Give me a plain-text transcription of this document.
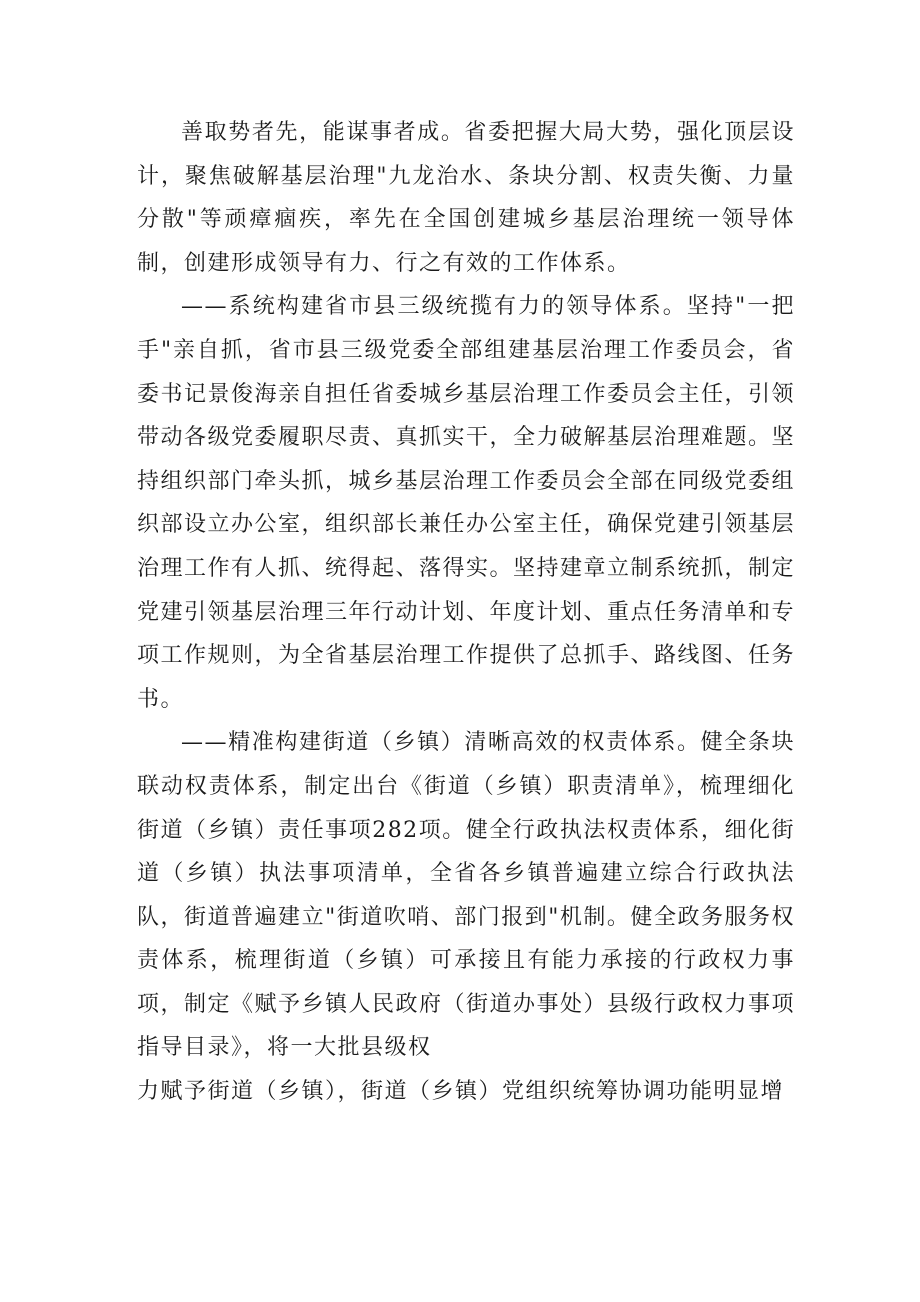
善取势者先，能谋事者成。省委把握大局大势，强化顶层设计，聚焦破解基层治理"九龙治水、条块分割、权责失衡、力量分散"等顽瘴痼疾，率先在全国创建城乡基层治理统一领导体制，创建形成领导有力、行之有效的工作体系。

——系统构建省市县三级统揽有力的领导体系。坚持"一把手"亲自抓，省市县三级党委全部组建基层治理工作委员会，省委书记景俊海亲自担任省委城乡基层治理工作委员会主任，引领带动各级党委履职尽责、真抓实干，全力破解基层治理难题。坚持组织部门牵头抓，城乡基层治理工作委员会全部在同级党委组织部设立办公室，组织部长兼任办公室主任，确保党建引领基层治理工作有人抓、统得起、落得实。坚持建章立制系统抓，制定党建引领基层治理三年行动计划、年度计划、重点任务清单和专项工作规则，为全省基层治理工作提供了总抓手、路线图、任务书。

——精准构建街道（乡镇）清晰高效的权责体系。健全条块联动权责体系，制定出台《街道（乡镇）职责清单》，梳理细化街道（乡镇）责任事项282项。健全行政执法权责体系，细化街道（乡镇）执法事项清单，全省各乡镇普遍建立综合行政执法队，街道普遍建立"街道吹哨、部门报到"机制。健全政务服务权责体系，梳理街道（乡镇）可承接且有能力承接的行政权力事项，制定《赋予乡镇人民政府（街道办事处）县级行政权力事项指导目录》，将一大批县级权

力赋予街道（乡镇），街道（乡镇）党组织统筹协调功能明显增
